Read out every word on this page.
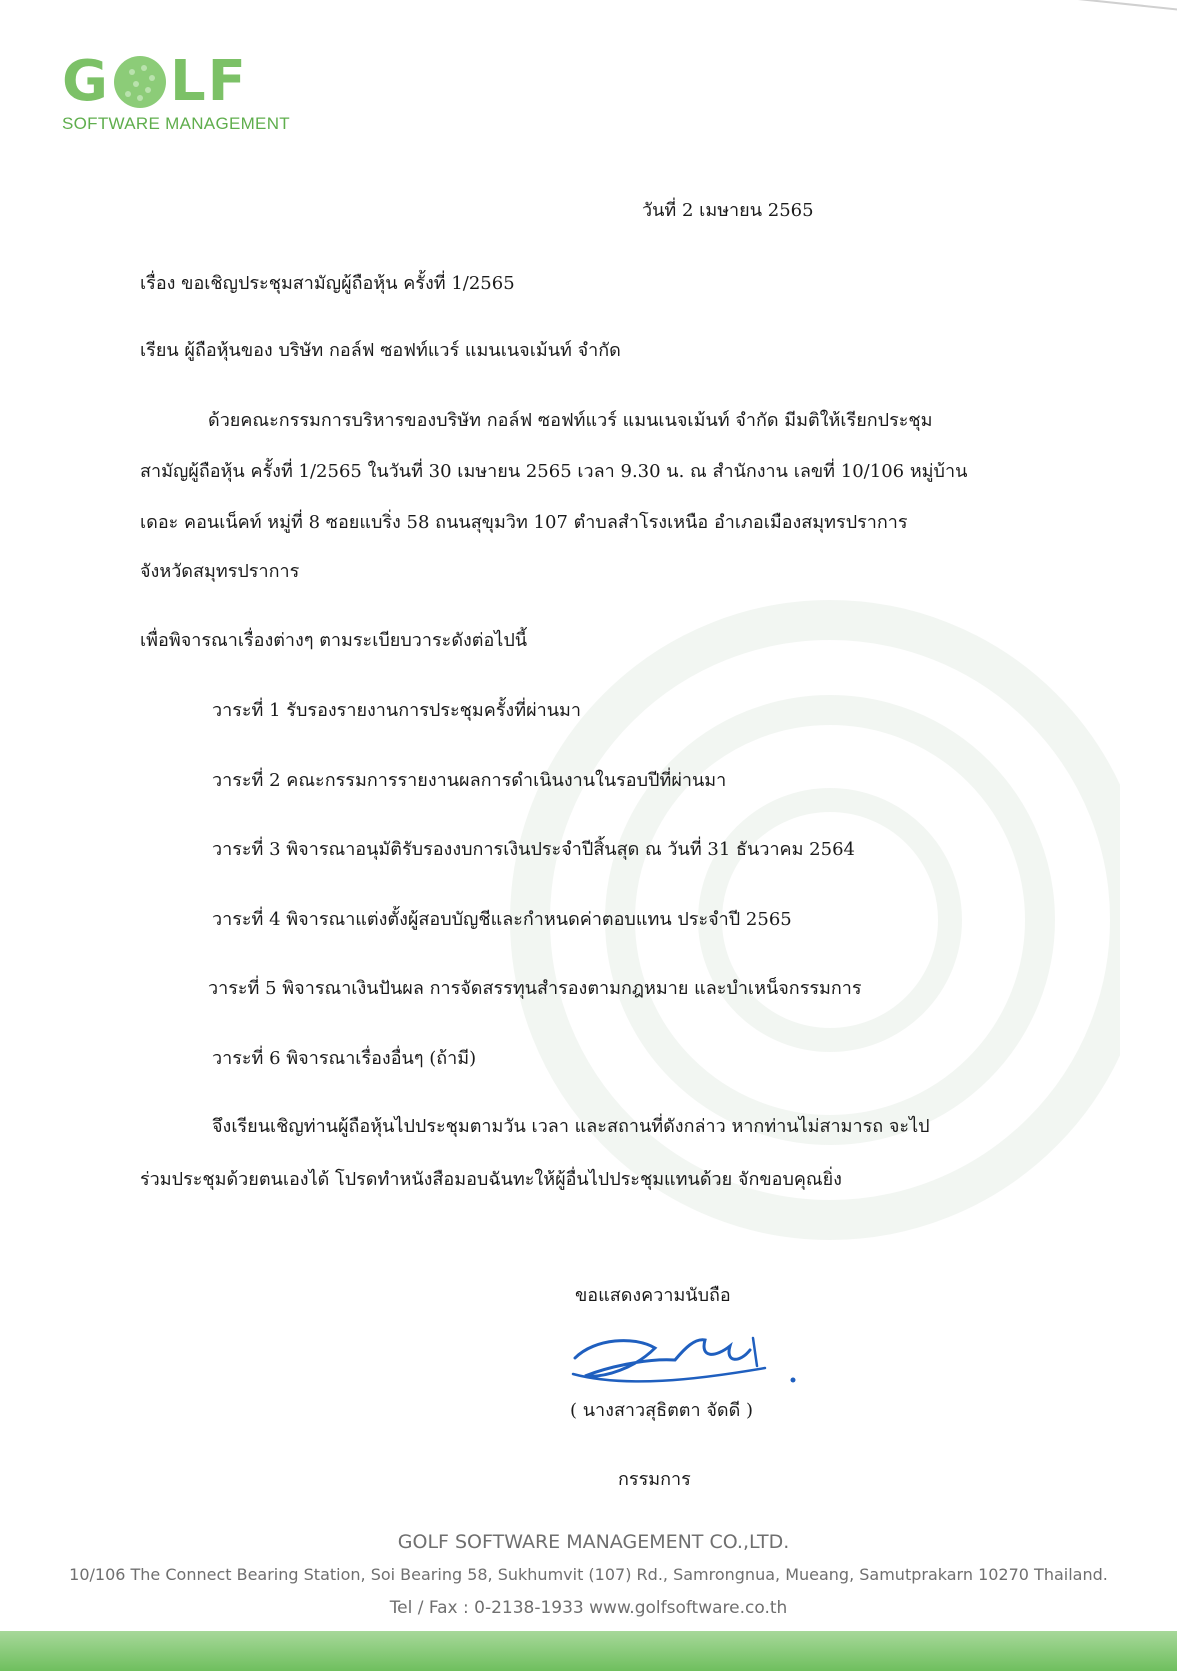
G LF
SOFTWARE MANAGEMENT
วันที่ 2 เมษายน 2565
เรื่อง ขอเชิญประชุมสามัญผู้ถือหุ้น ครั้งที่ 1/2565
เรียน ผู้ถือหุ้นของ บริษัท กอล์ฟ ซอฟท์แวร์ แมนเนจเม้นท์ จำกัด
ด้วยคณะกรรมการบริหารของบริษัท กอล์ฟ ซอฟท์แวร์ แมนเนจเม้นท์ จำกัด มีมติให้เรียกประชุม
สามัญผู้ถือหุ้น ครั้งที่ 1/2565 ในวันที่ 30 เมษายน 2565 เวลา 9.30 น. ณ สำนักงาน เลขที่ 10/106 หมู่บ้าน
เดอะ คอนเน็คท์ หมู่ที่ 8 ซอยแบริ่ง 58 ถนนสุขุมวิท 107 ตำบลสำโรงเหนือ อำเภอเมืองสมุทรปราการ
จังหวัดสมุทรปราการ
เพื่อพิจารณาเรื่องต่างๆ ตามระเบียบวาระดังต่อไปนี้
วาระที่ 1 รับรองรายงานการประชุมครั้งที่ผ่านมา
วาระที่ 2 คณะกรรมการรายงานผลการดำเนินงานในรอบปีที่ผ่านมา
วาระที่ 3 พิจารณาอนุมัติรับรองงบการเงินประจำปีสิ้นสุด ณ วันที่ 31 ธันวาคม 2564
วาระที่ 4 พิจารณาแต่งตั้งผู้สอบบัญชีและกำหนดค่าตอบแทน ประจำปี 2565
วาระที่ 5 พิจารณาเงินปันผล การจัดสรรทุนสำรองตามกฎหมาย และบำเหน็จกรรมการ
วาระที่ 6 พิจารณาเรื่องอื่นๆ (ถ้ามี)
จึงเรียนเชิญท่านผู้ถือหุ้นไปประชุมตามวัน เวลา และสถานที่ดังกล่าว หากท่านไม่สามารถ จะไป
ร่วมประชุมด้วยตนเองได้ โปรดทำหนังสือมอบฉันทะให้ผู้อื่นไปประชุมแทนด้วย จักขอบคุณยิ่ง
ขอแสดงความนับถือ
( นางสาวสุธิตตา จัดดี )
กรรมการ
GOLF SOFTWARE MANAGEMENT CO.,LTD.
10/106 The Connect Bearing Station, Soi Bearing 58, Sukhumvit (107) Rd., Samrongnua, Mueang, Samutprakarn 10270 Thailand.
Tel / Fax : 0-2138-1933 www.golfsoftware.co.th
